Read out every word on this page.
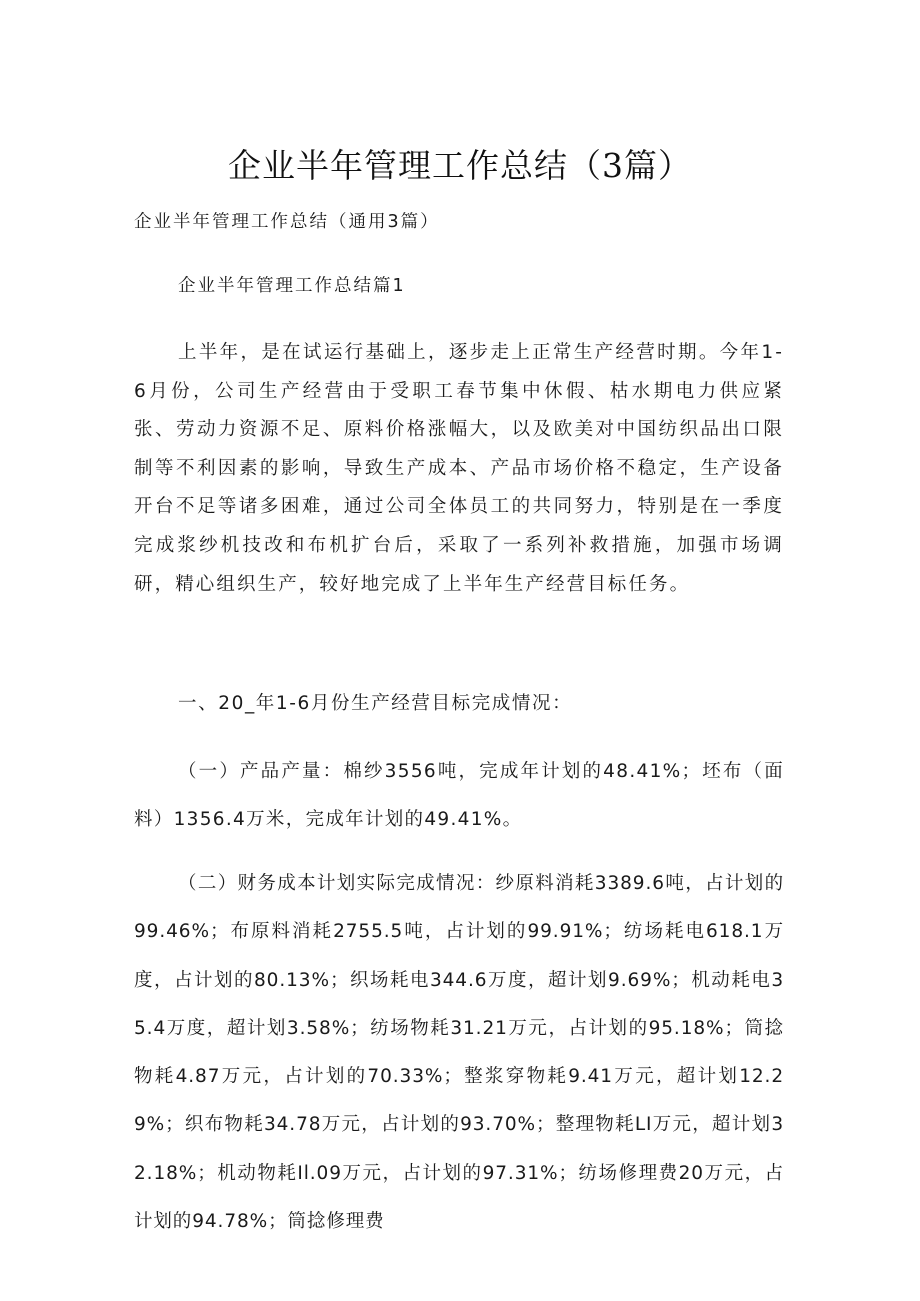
企业半年管理工作总结（3篇）

企业半年管理工作总结（通用3篇）

企业半年管理工作总结篇1

上半年，是在试运行基础上，逐步走上正常生产经营时期。今年1-6月份，公司生产经营由于受职工春节集中休假、枯水期电力供应紧张、劳动力资源不足、原料价格涨幅大，以及欧美对中国纺织品出口限制等不利因素的影响，导致生产成本、产品市场价格不稳定，生产设备开台不足等诸多困难，通过公司全体员工的共同努力，特别是在一季度完成浆纱机技改和布机扩台后，采取了一系列补救措施，加强市场调研，精心组织生产，较好地完成了上半年生产经营目标任务。

一、20_年1-6月份生产经营目标完成情况：

（一）产品产量：棉纱3556吨，完成年计划的48.41%；坯布（面料）1356.4万米，完成年计划的49.41%。

（二）财务成本计划实际完成情况：纱原料消耗3389.6吨，占计划的99.46%；布原料消耗2755.5吨，占计划的99.91%；纺场耗电618.1万度，占计划的80.13%；织场耗电344.6万度，超计划9.69%；机动耗电35.4万度，超计划3.58%；纺场物耗31.21万元，占计划的95.18%；筒捻物耗4.87万元，占计划的70.33%；整浆穿物耗9.41万元，超计划12.29%；织布物耗34.78万元，占计划的93.70%；整理物耗LI万元，超计划32.18%；机动物耗Il.09万元，占计划的97.31%；纺场修理费20万元，占计划的94.78%；筒捻修理费
